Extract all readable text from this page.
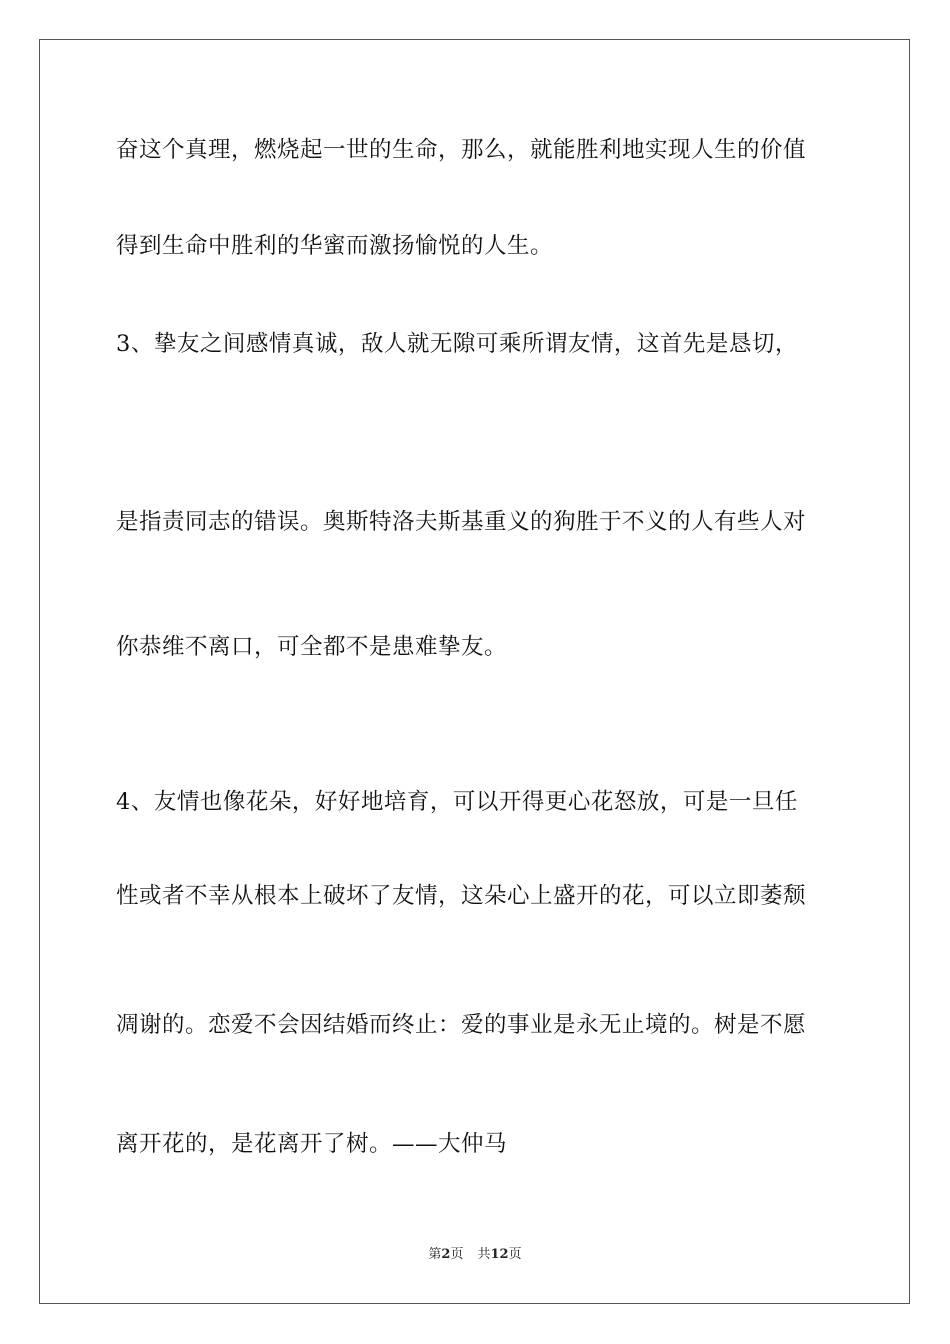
奋这个真理，燃烧起一世的生命，那么，就能胜利地实现人生的价值
得到生命中胜利的华蜜而激扬愉悦的人生。
3、挚友之间感情真诚，敌人就无隙可乘所谓友情，这首先是恳切，
是指责同志的错误。奥斯特洛夫斯基重义的狗胜于不义的人有些人对
你恭维不离口，可全都不是患难挚友。
4、友情也像花朵，好好地培育，可以开得更心花怒放，可是一旦任
性或者不幸从根本上破坏了友情，这朵心上盛开的花，可以立即萎颓
凋谢的。恋爱不会因结婚而终止：爱的事业是永无止境的。树是不愿
离开花的，是花离开了树。——大仲马
第2页 共12页
